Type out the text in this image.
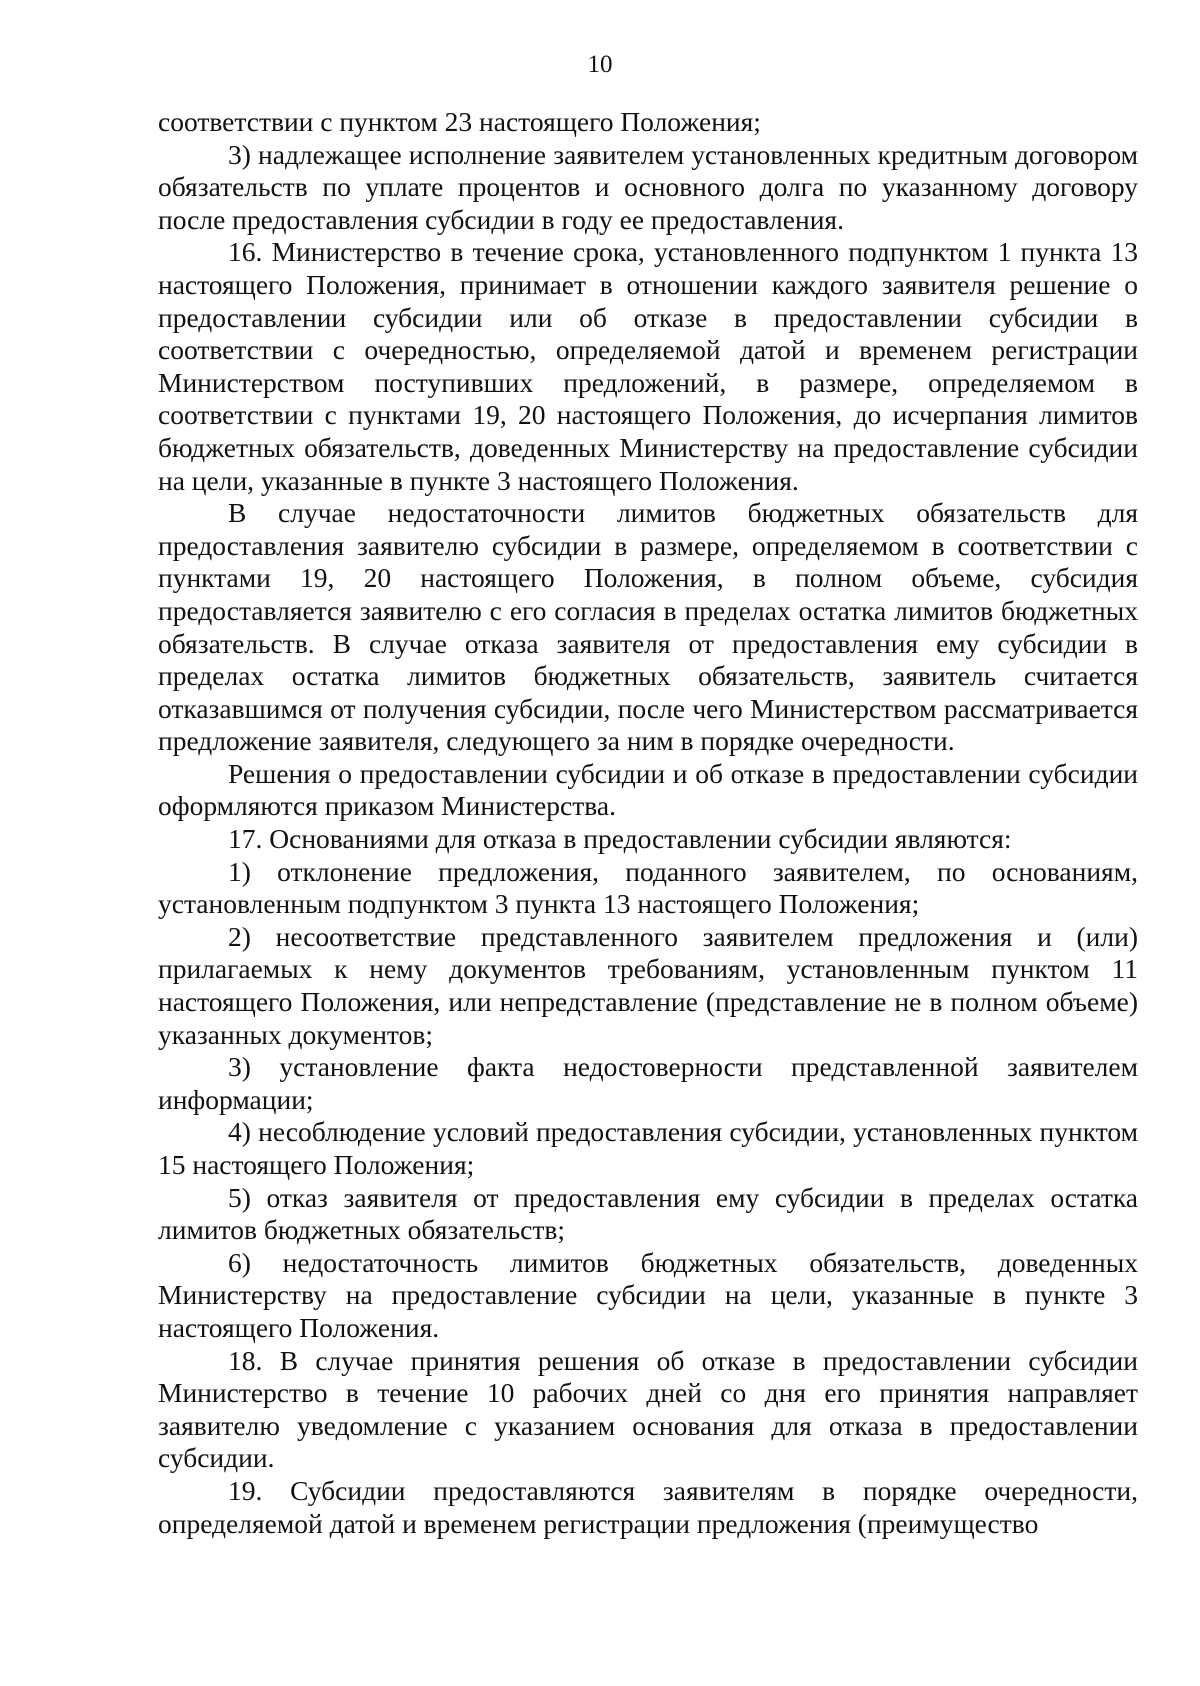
10

соответствии с пунктом 23 настоящего Положения;

3) надлежащее исполнение заявителем установленных кредитным договором обязательств по уплате процентов и основного долга по указанному договору после предоставления субсидии в году ее предоставления.

16. Министерство в течение срока, установленного подпунктом 1 пункта 13 настоящего Положения, принимает в отношении каждого заявителя решение о предоставлении субсидии или об отказе в предоставлении субсидии в соответствии с очередностью, определяемой датой и временем регистрации Министерством поступивших предложений, в размере, определяемом в соответствии с пунктами 19, 20 настоящего Положения, до исчерпания лимитов бюджетных обязательств, доведенных Министерству на предоставление субсидии на цели, указанные в пункте 3 настоящего Положения.

В случае недостаточности лимитов бюджетных обязательств для предоставления заявителю субсидии в размере, определяемом в соответствии с пунктами 19, 20 настоящего Положения, в полном объеме, субсидия предоставляется заявителю с его согласия в пределах остатка лимитов бюджетных обязательств. В случае отказа заявителя от предоставления ему субсидии в пределах остатка лимитов бюджетных обязательств, заявитель считается отказавшимся от получения субсидии, после чего Министерством рассматривается предложение заявителя, следующего за ним в порядке очередности.

Решения о предоставлении субсидии и об отказе в предоставлении субсидии оформляются приказом Министерства.

17. Основаниями для отказа в предоставлении субсидии являются:

1) отклонение предложения, поданного заявителем, по основаниям, установленным подпунктом 3 пункта 13 настоящего Положения;

2) несоответствие представленного заявителем предложения и (или) прилагаемых к нему документов требованиям, установленным пунктом 11 настоящего Положения, или непредставление (представление не в полном объеме) указанных документов;

3) установление факта недостоверности представленной заявителем информации;

4) несоблюдение условий предоставления субсидии, установленных пунктом 15 настоящего Положения;

5) отказ заявителя от предоставления ему субсидии в пределах остатка лимитов бюджетных обязательств;

6) недостаточность лимитов бюджетных обязательств, доведенных Министерству на предоставление субсидии на цели, указанные в пункте 3 настоящего Положения.

18. В случае принятия решения об отказе в предоставлении субсидии Министерство в течение 10 рабочих дней со дня его принятия направляет заявителю уведомление с указанием основания для отказа в предоставлении субсидии.

19. Субсидии предоставляются заявителям в порядке очередности, определяемой датой и временем регистрации предложения (преимущество
